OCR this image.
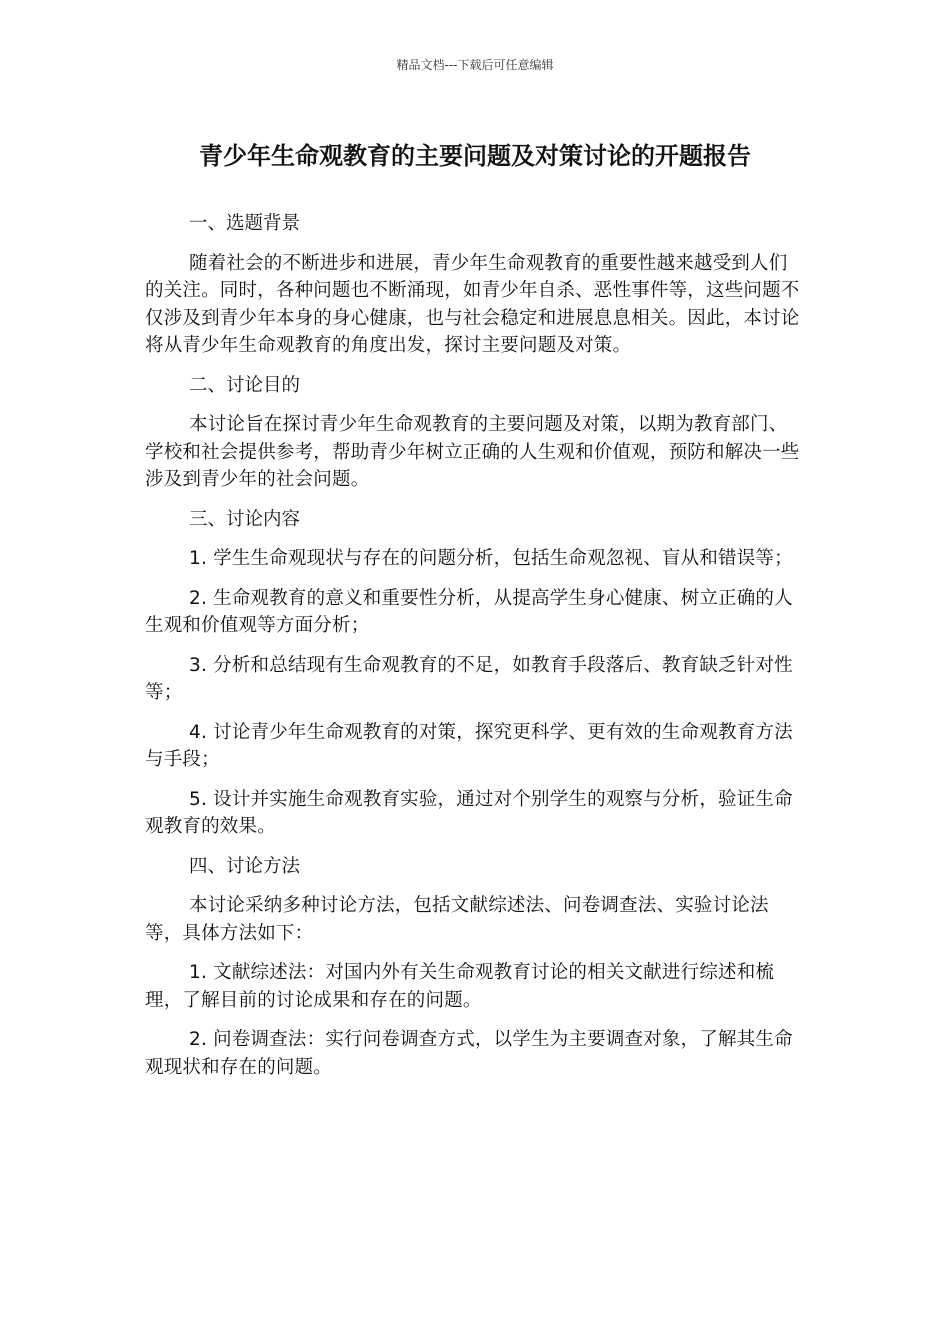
精品文档---下载后可任意编辑
青少年生命观教育的主要问题及对策讨论的开题报告

一、选题背景

随着社会的不断进步和进展，青少年生命观教育的重要性越来越受到人们的关注。同时，各种问题也不断涌现，如青少年自杀、恶性事件等，这些问题不仅涉及到青少年本身的身心健康，也与社会稳定和进展息息相关。因此，本讨论将从青少年生命观教育的角度出发，探讨主要问题及对策。

二、讨论目的

本讨论旨在探讨青少年生命观教育的主要问题及对策，以期为教育部门、学校和社会提供参考，帮助青少年树立正确的人生观和价值观，预防和解决一些涉及到青少年的社会问题。

三、讨论内容

1. 学生生命观现状与存在的问题分析，包括生命观忽视、盲从和错误等；

2. 生命观教育的意义和重要性分析，从提高学生身心健康、树立正确的人生观和价值观等方面分析；

3. 分析和总结现有生命观教育的不足，如教育手段落后、教育缺乏针对性等；

4. 讨论青少年生命观教育的对策，探究更科学、更有效的生命观教育方法与手段；

5. 设计并实施生命观教育实验，通过对个别学生的观察与分析，验证生命观教育的效果。

四、讨论方法

本讨论采纳多种讨论方法，包括文献综述法、问卷调查法、实验讨论法等，具体方法如下：

1. 文献综述法：对国内外有关生命观教育讨论的相关文献进行综述和梳理，了解目前的讨论成果和存在的问题。

2. 问卷调查法：实行问卷调查方式，以学生为主要调查对象，了解其生命观现状和存在的问题。
